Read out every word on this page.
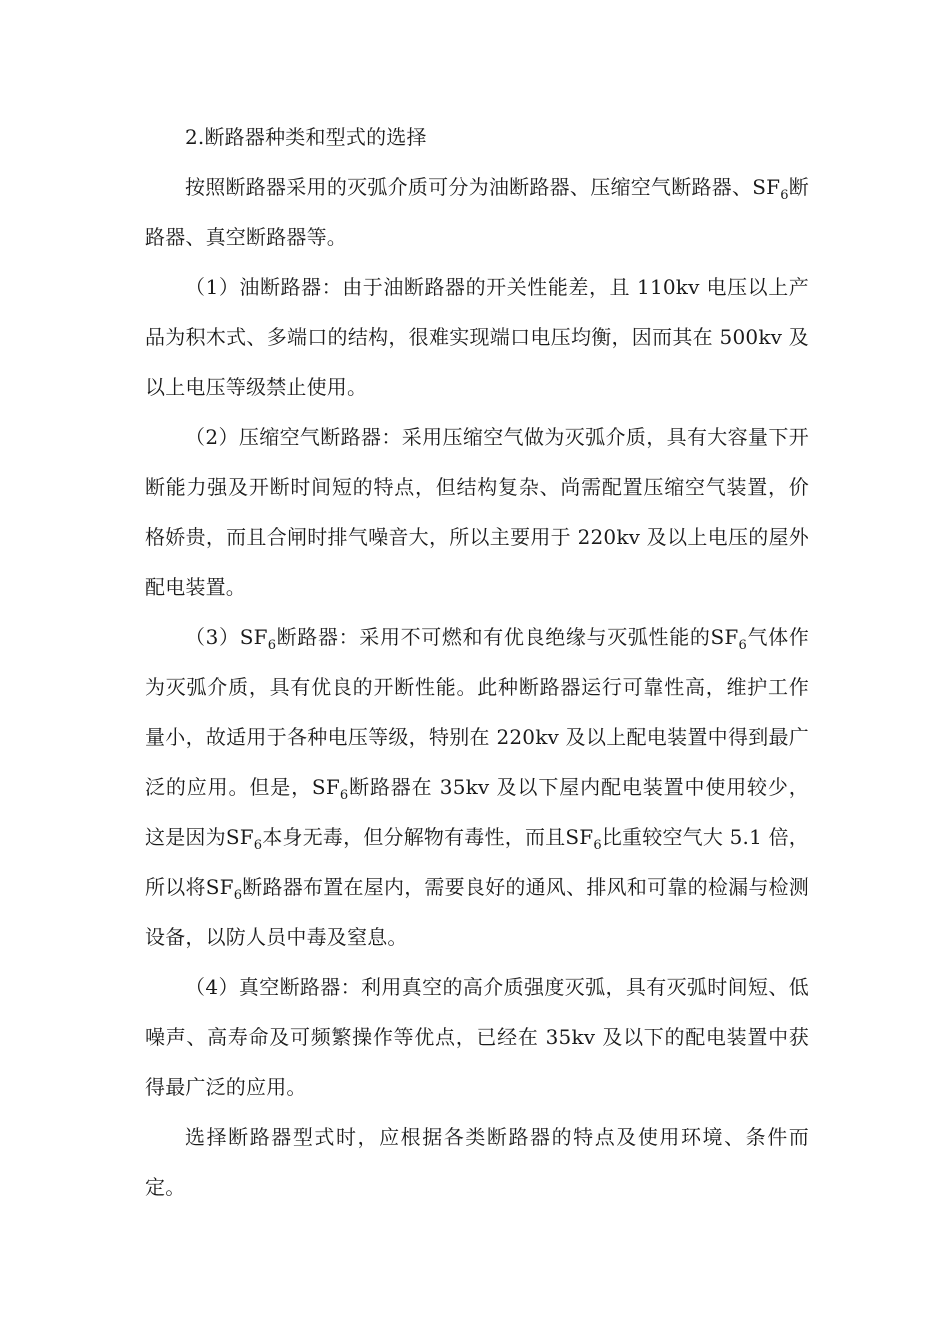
2.断路器种类和型式的选择

按照断路器采用的灭弧介质可分为油断路器、压缩空气断路器、$SF_6$断路器、真空断路器等。

（1）油断路器：由于油断路器的开关性能差，且 110kv 电压以上产品为积木式、多端口的结构，很难实现端口电压均衡，因而其在 500kv 及以上电压等级禁止使用。

（2）压缩空气断路器：采用压缩空气做为灭弧介质，具有大容量下开断能力强及开断时间短的特点，但结构复杂、尚需配置压缩空气装置，价格娇贵，而且合闸时排气噪音大，所以主要用于 220kv 及以上电压的屋外配电装置。

$(3)SF_6$断路器：采用不可燃和有优良绝缘与灭弧性能的$SF_6$气体作为灭弧介质，具有优良的开断性能。此种断路器运行可靠性高，维护工作量小，故适用于各种电压等级，特别在 220kv 及以上配电装置中得到最广泛的应用。但是，$SF_6$断路器在 35kv 及以下屋内配电装置中使用较少，这是因为$SF_6$本身无毒，但分解物有毒性，而且$SF_6$比重较空气大 5.1 倍，所以将$SF_6$断路器布置在屋内，需要良好的通风、排风和可靠的检漏与检测设备，以防人员中毒及窒息。

（4）真空断路器：利用真空的高介质强度灭弧，具有灭弧时间短、低噪声、高寿命及可频繁操作等优点，已经在 35kv 及以下的配电装置中获得最广泛的应用。

选择断路器型式时，应根据各类断路器的特点及使用环境、条件而定。
